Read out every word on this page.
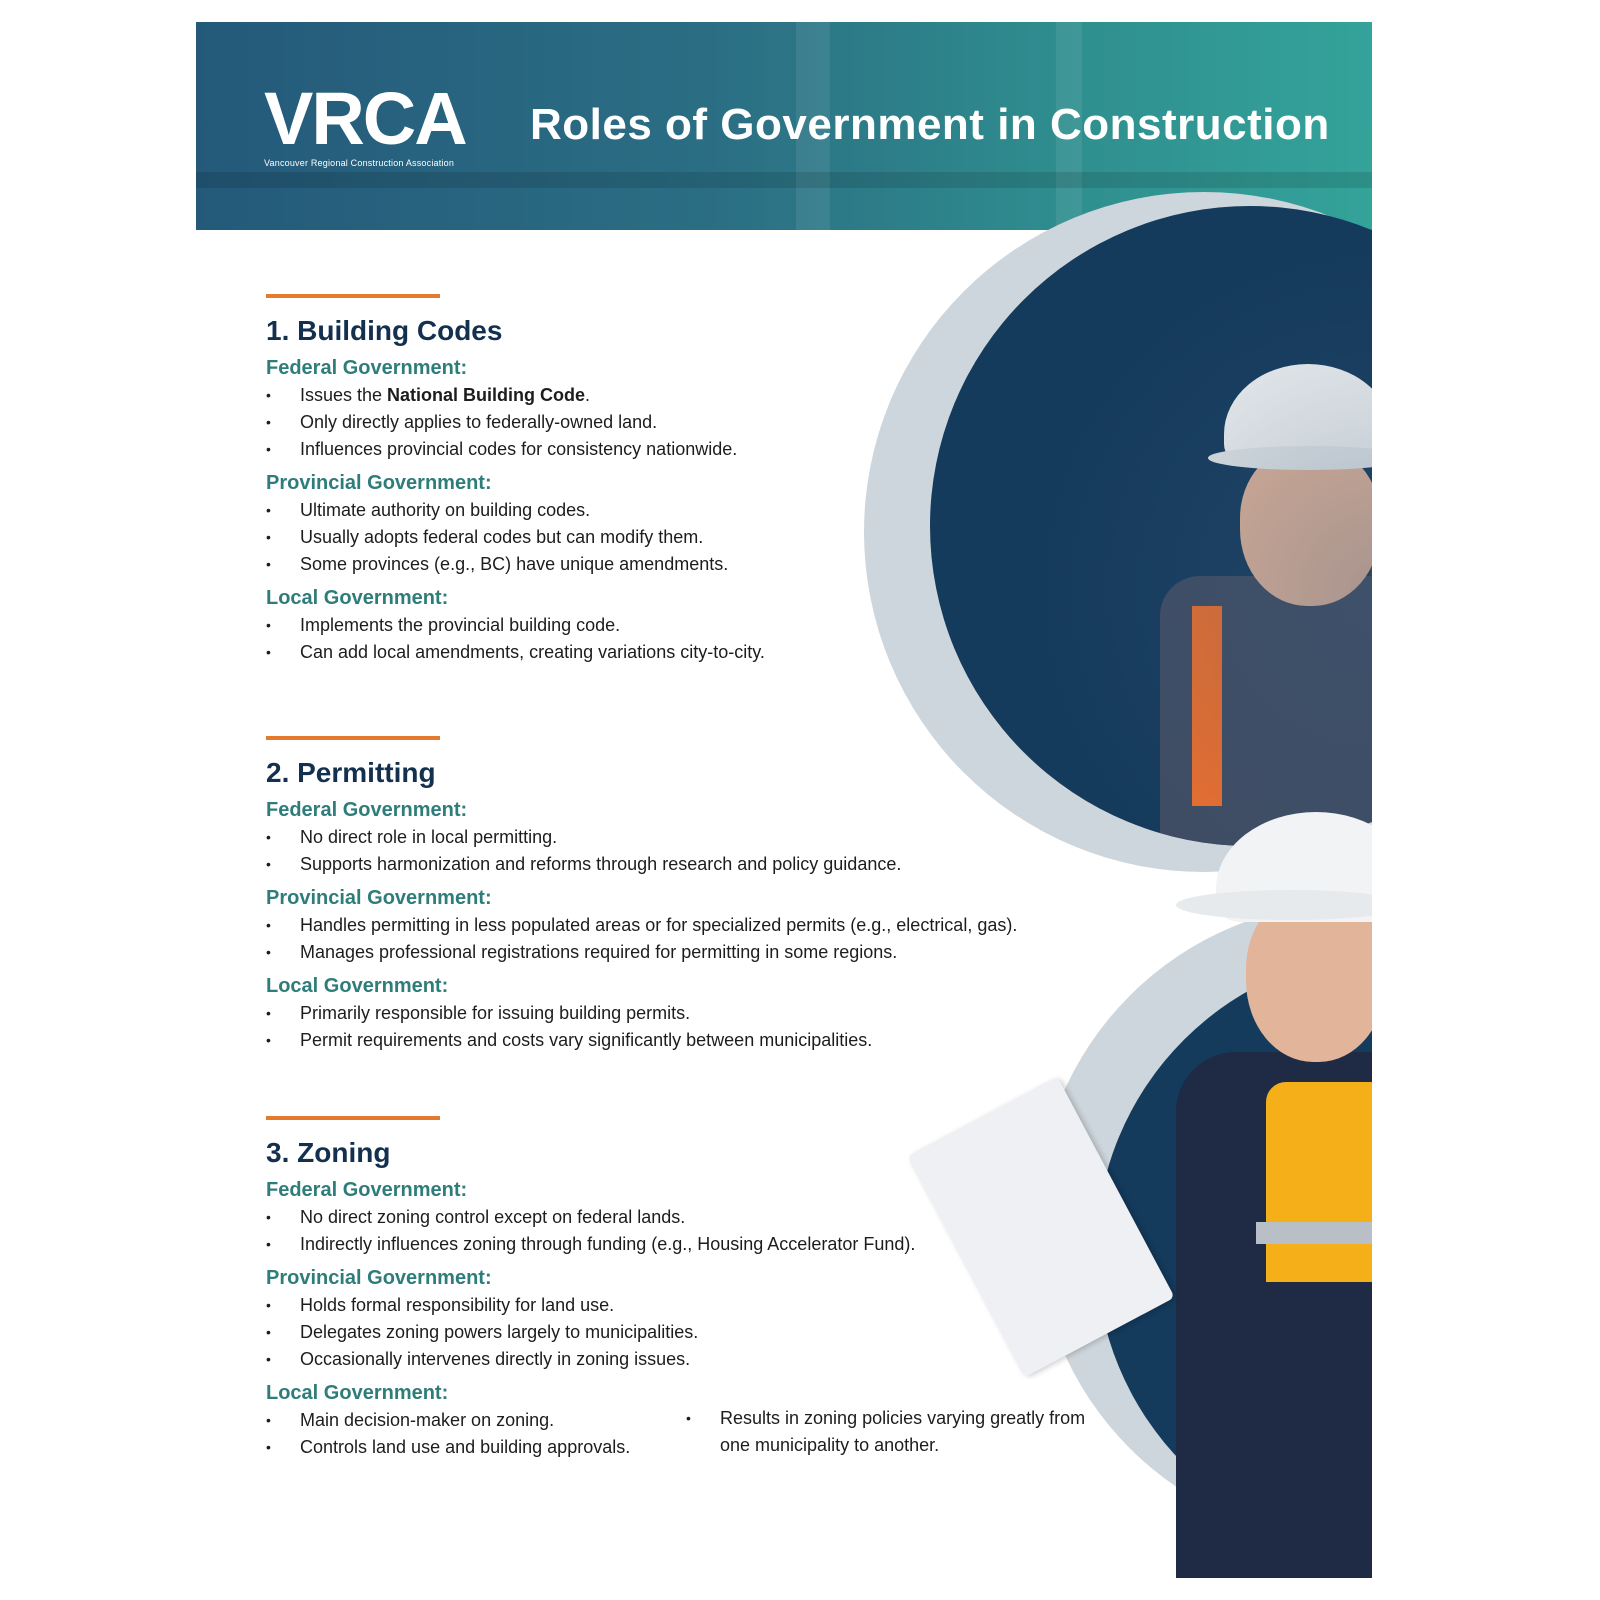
VRCA
Vancouver Regional Construction Association
Roles of Government in Construction
1. Building Codes
Federal Government:
• Issues the National Building Code.
• Only directly applies to federally-owned land.
• Influences provincial codes for consistency nationwide.
Provincial Government:
• Ultimate authority on building codes.
• Usually adopts federal codes but can modify them.
• Some provinces (e.g., BC) have unique amendments.
Local Government:
• Implements the provincial building code.
• Can add local amendments, creating variations city-to-city.
2. Permitting
Federal Government:
• No direct role in local permitting.
• Supports harmonization and reforms through research and policy guidance.
Provincial Government:
• Handles permitting in less populated areas or for specialized permits (e.g., electrical, gas).
• Manages professional registrations required for permitting in some regions.
Local Government:
• Primarily responsible for issuing building permits.
• Permit requirements and costs vary significantly between municipalities.
3. Zoning
Federal Government:
• No direct zoning control except on federal lands.
• Indirectly influences zoning through funding (e.g., Housing Accelerator Fund).
Provincial Government:
• Holds formal responsibility for land use.
• Delegates zoning powers largely to municipalities.
• Occasionally intervenes directly in zoning issues.
Local Government:
• Main decision-maker on zoning.
• Controls land use and building approvals.
• Results in zoning policies varying greatly from one municipality to another.
